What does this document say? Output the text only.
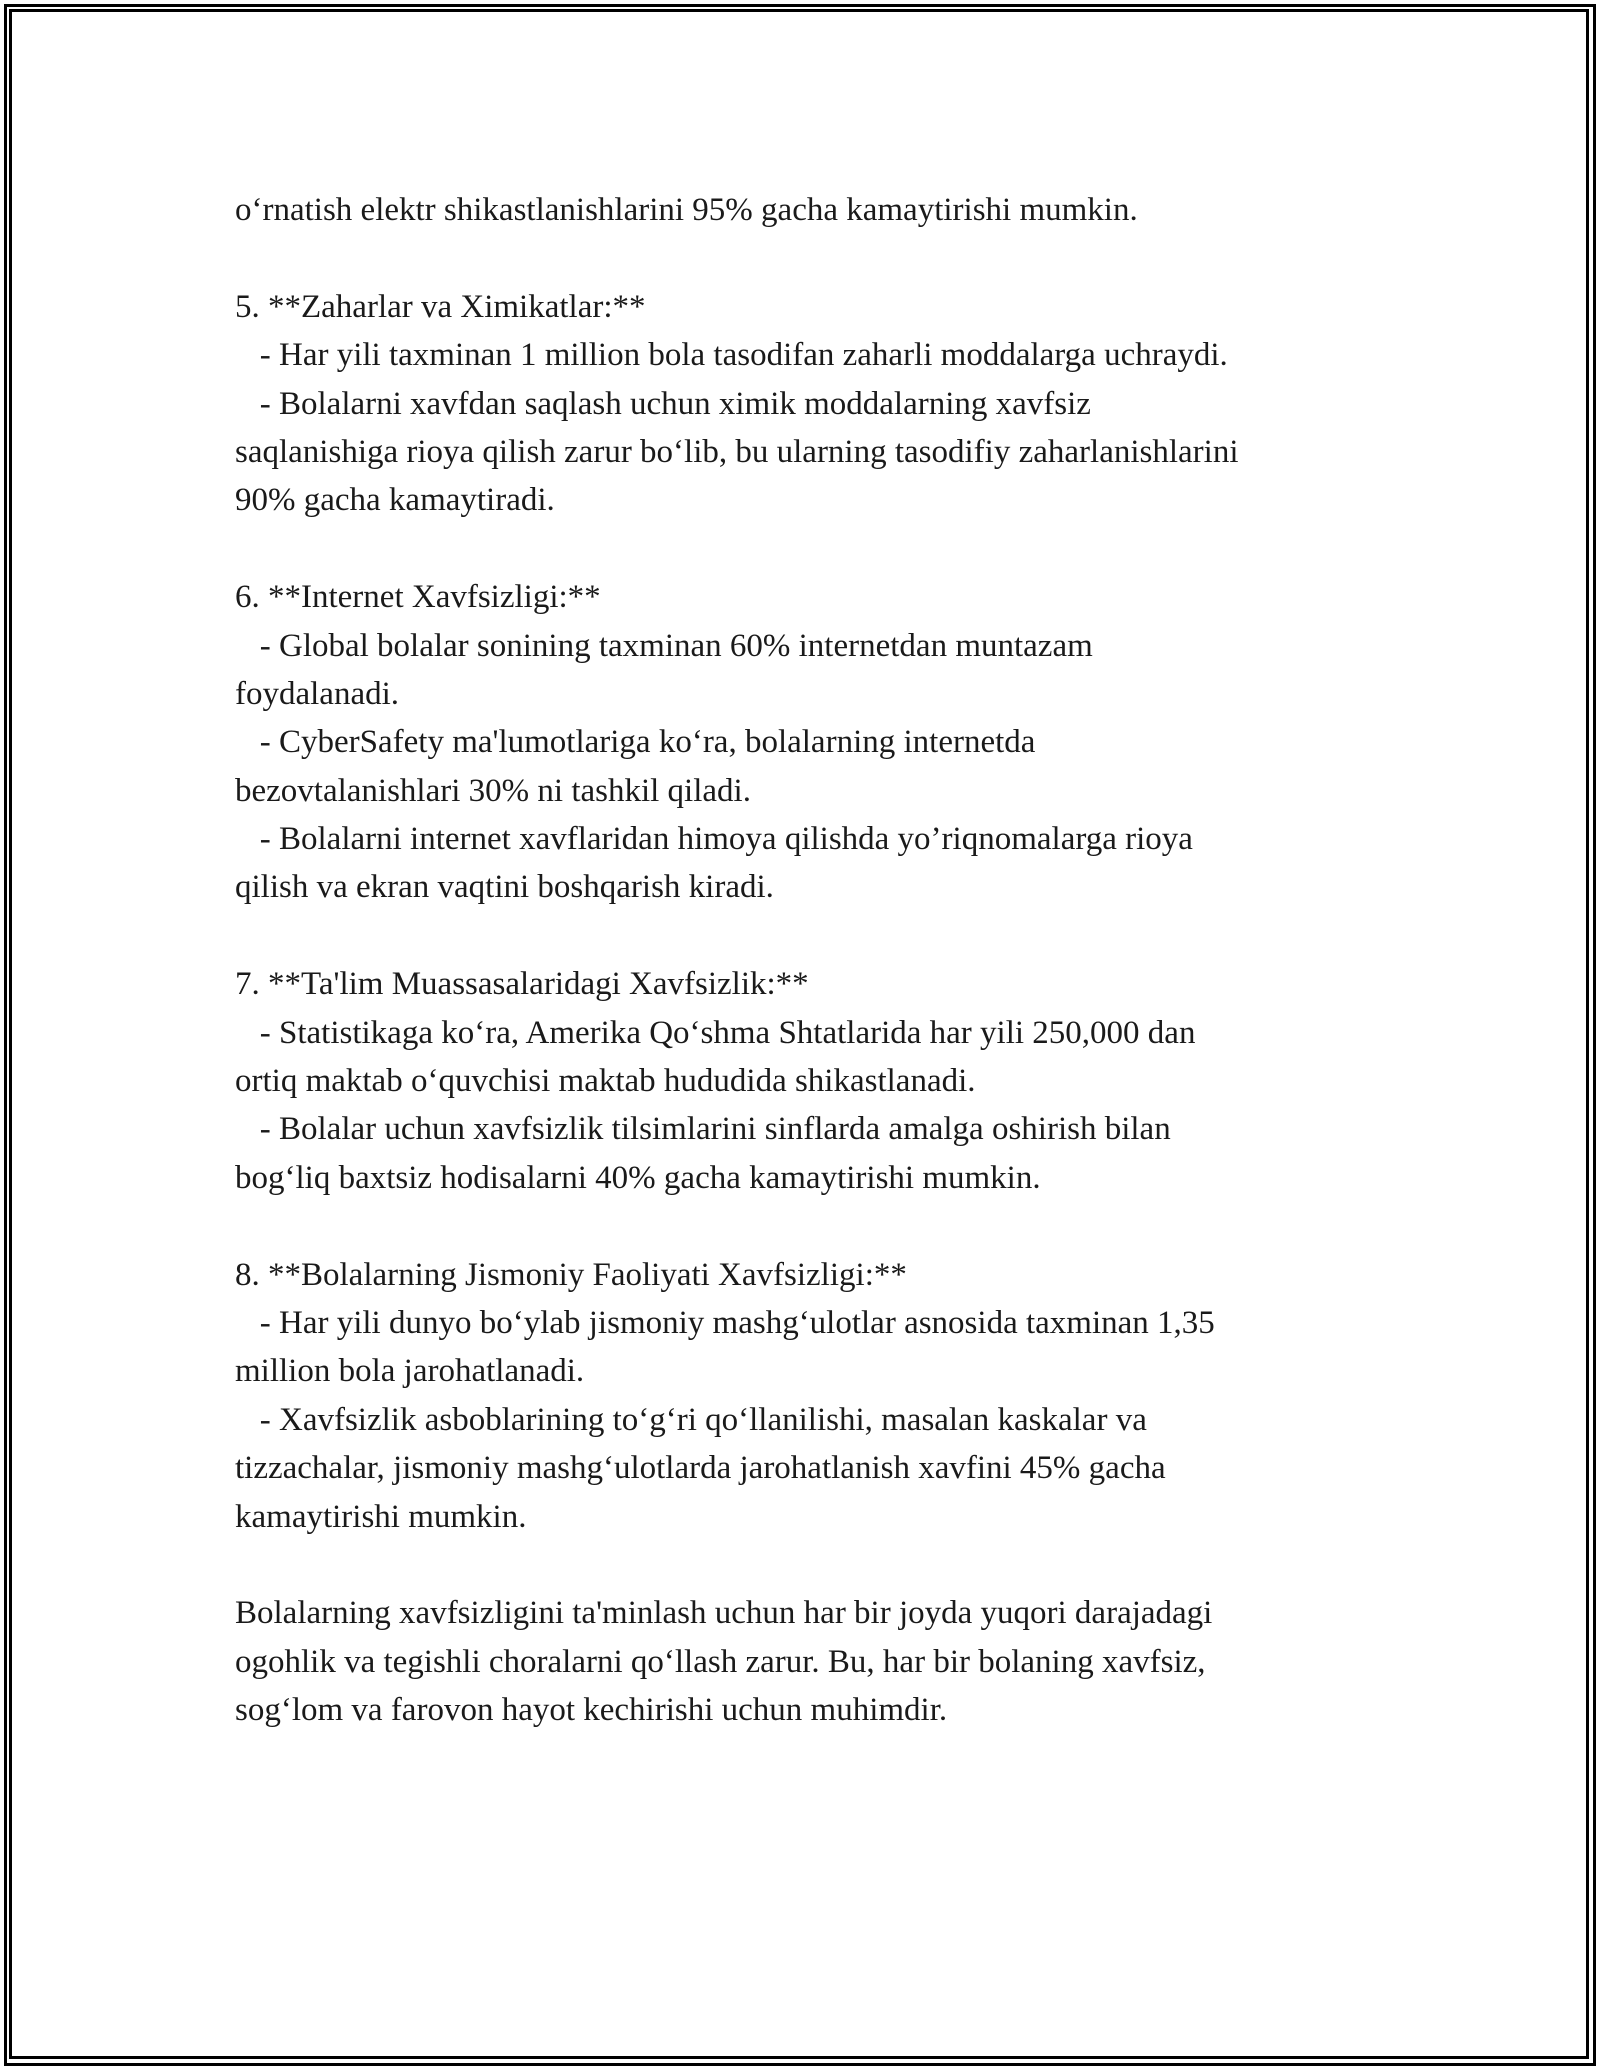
o‘rnatish elektr shikastlanishlarini 95% gacha kamaytirishi mumkin.
5. **Zaharlar va Ximikatlar:**
- Har yili taxminan 1 million bola tasodifan zaharli moddalarga uchraydi.
- Bolalarni xavfdan saqlash uchun ximik moddalarning xavfsiz
saqlanishiga rioya qilish zarur bo‘lib, bu ularning tasodifiy zaharlanishlarini
90% gacha kamaytiradi.
6. **Internet Xavfsizligi:**
- Global bolalar sonining taxminan 60% internetdan muntazam
foydalanadi.
- CyberSafety ma'lumotlariga ko‘ra, bolalarning internetda
bezovtalanishlari 30% ni tashkil qiladi.
- Bolalarni internet xavflaridan himoya qilishda yo’riqnomalarga rioya
qilish va ekran vaqtini boshqarish kiradi.
7. **Ta'lim Muassasalaridagi Xavfsizlik:**
- Statistikaga ko‘ra, Amerika Qo‘shma Shtatlarida har yili 250,000 dan
ortiq maktab o‘quvchisi maktab hududida shikastlanadi.
- Bolalar uchun xavfsizlik tilsimlarini sinflarda amalga oshirish bilan
bog‘liq baxtsiz hodisalarni 40% gacha kamaytirishi mumkin.
8. **Bolalarning Jismoniy Faoliyati Xavfsizligi:**
- Har yili dunyo bo‘ylab jismoniy mashg‘ulotlar asnosida taxminan 1,35
million bola jarohatlanadi.
- Xavfsizlik asboblarining to‘g‘ri qo‘llanilishi, masalan kaskalar va
tizzachalar, jismoniy mashg‘ulotlarda jarohatlanish xavfini 45% gacha
kamaytirishi mumkin.
Bolalarning xavfsizligini ta'minlash uchun har bir joyda yuqori darajadagi
ogohlik va tegishli choralarni qo‘llash zarur. Bu, har bir bolaning xavfsiz,
sog‘lom va farovon hayot kechirishi uchun muhimdir.
